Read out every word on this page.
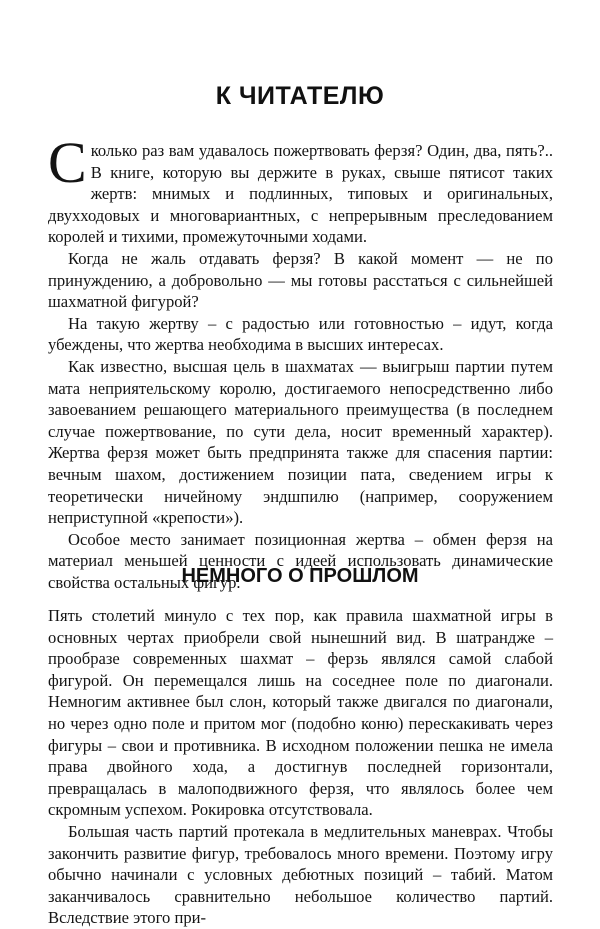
К ЧИТАТЕЛЮ

Сколько раз вам удавалось пожертвовать ферзя? Один, два, пять?.. В книге, которую вы держите в руках, свыше пятисот таких жертв: мнимых и подлинных, типовых и оригинальных, двухходовых и многовариантных, с непрерывным преследованием королей и тихими, промежуточными ходами.

Когда не жаль отдавать ферзя? В какой момент — не по принуждению, а добровольно — мы готовы расстаться с сильнейшей шахматной фигурой?

На такую жертву – с радостью или готовностью – идут, когда убеждены, что жертва необходима в высших интересах.

Как известно, высшая цель в шахматах — выигрыш партии путем мата неприятельскому королю, достигаемого непосредственно либо завоеванием решающего материального преимущества (в последнем случае пожертвование, по сути дела, носит временный характер). Жертва ферзя может быть предпринята также для спасения партии: вечным шахом, достижением позиции пата, сведением игры к теоретически ничейному эндшпилю (например, сооружением неприступной «крепости»).

Особое место занимает позиционная жертва – обмен ферзя на материал меньшей ценности с идеей использовать динамические свойства остальных фигур.

НЕМНОГО О ПРОШЛОМ

Пять столетий минуло с тех пор, как правила шахматной игры в основных чертах приобрели свой нынешний вид. В шатрандже –прообразе современных шахмат – ферзь являлся самой слабой фигурой. Он перемещался лишь на соседнее поле по диагонали. Немногим активнее был слон, который также двигался по диагонали, но через одно поле и притом мог (подобно коню) перескакивать через фигуры – свои и противника. В исходном положении пешка не имела права двойного хода, а достигнув последней горизонтали, превращалась в малоподвижного ферзя, что являлось более чем скромным успехом. Рокировка отсутствовала.

Большая часть партий протекала в медлительных маневрах. Чтобы закончить развитие фигур, требовалось много времени. Поэтому игру обычно начинали с условных дебютных позиций – табий. Матом заканчивалось сравнительно небольшое количество партий. Вследствие этого при-
